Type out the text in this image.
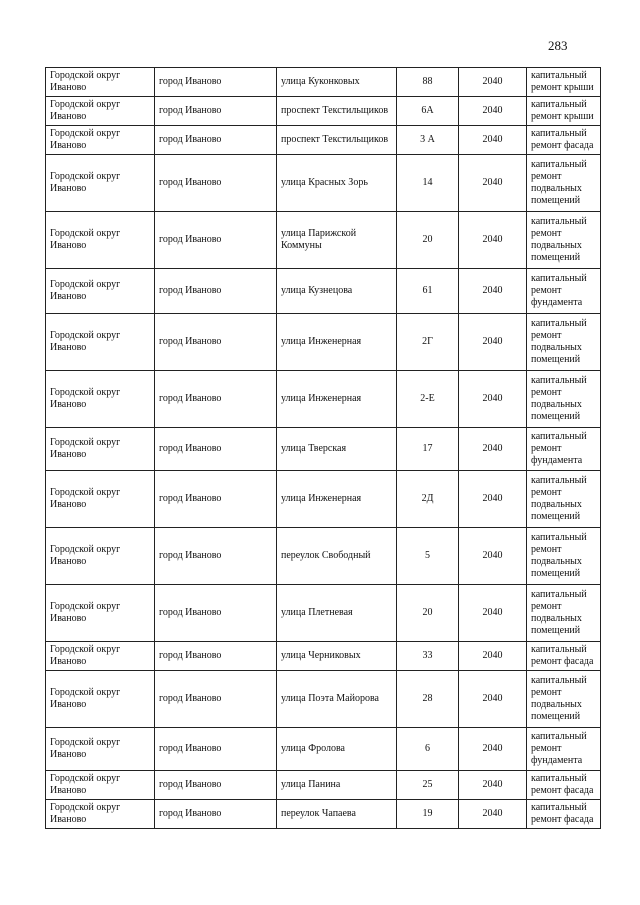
283
Городской округ Иваново	город Иваново	улица Куконковых	88	2040	капитальный ремонт крыши
Городской округ Иваново	город Иваново	проспект Текстильщиков	6А	2040	капитальный ремонт крыши
Городской округ Иваново	город Иваново	проспект Текстильщиков	3 А	2040	капитальный ремонт фасада
Городской округ Иваново	город Иваново	улица Красных Зорь	14	2040	капитальный ремонт подвальных помещений
Городской округ Иваново	город Иваново	улица Парижской Коммуны	20	2040	капитальный ремонт подвальных помещений
Городской округ Иваново	город Иваново	улица Кузнецова	61	2040	капитальный ремонт фундамента
Городской округ Иваново	город Иваново	улица Инженерная	2Г	2040	капитальный ремонт подвальных помещений
Городской округ Иваново	город Иваново	улица Инженерная	2-Е	2040	капитальный ремонт подвальных помещений
Городской округ Иваново	город Иваново	улица Тверская	17	2040	капитальный ремонт фундамента
Городской округ Иваново	город Иваново	улица Инженерная	2Д	2040	капитальный ремонт подвальных помещений
Городской округ Иваново	город Иваново	переулок Свободный	5	2040	капитальный ремонт подвальных помещений
Городской округ Иваново	город Иваново	улица Плетневая	20	2040	капитальный ремонт подвальных помещений
Городской округ Иваново	город Иваново	улица Черниковых	33	2040	капитальный ремонт фасада
Городской округ Иваново	город Иваново	улица Поэта Майорова	28	2040	капитальный ремонт подвальных помещений
Городской округ Иваново	город Иваново	улица Фролова	6	2040	капитальный ремонт фундамента
Городской округ Иваново	город Иваново	улица Панина	25	2040	капитальный ремонт фасада
Городской округ Иваново	город Иваново	переулок Чапаева	19	2040	капитальный ремонт фасада
